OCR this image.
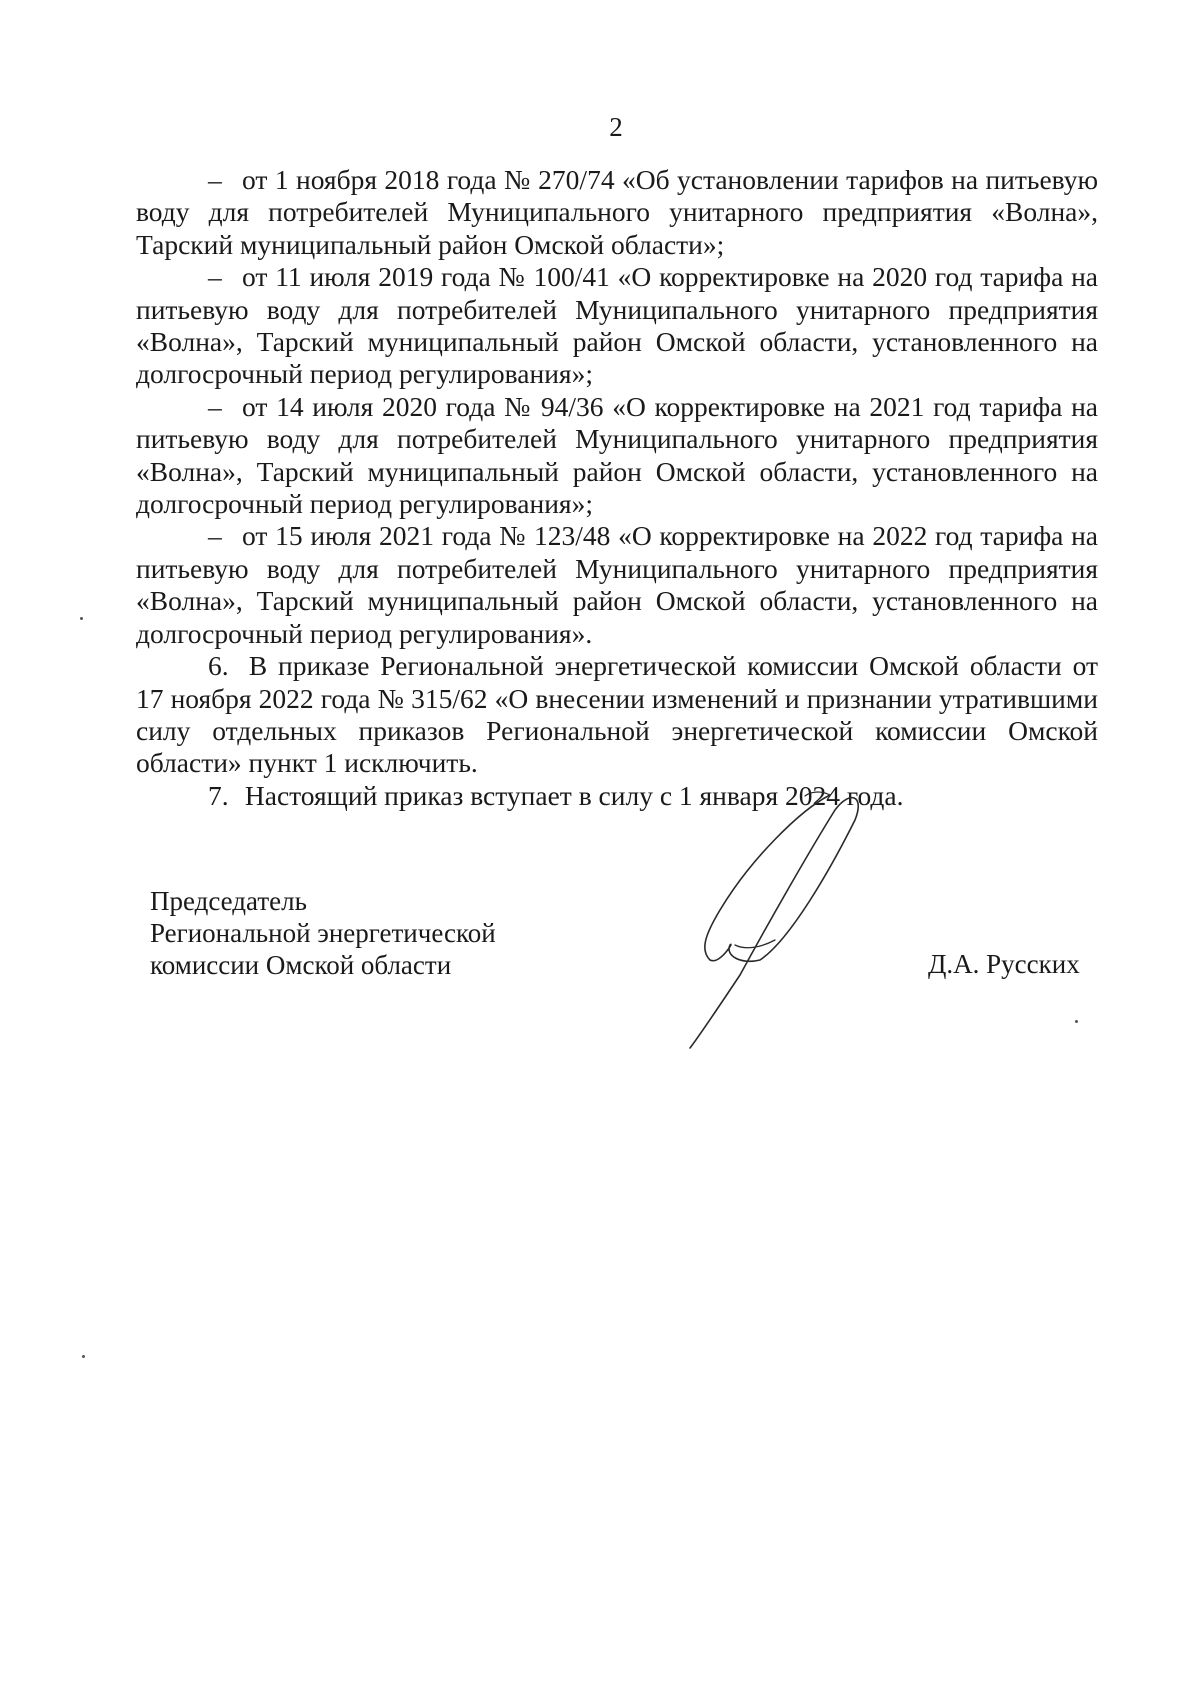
2

– от 1 ноября 2018 года № 270/74 «Об установлении тарифов на питьевую воду для потребителей Муниципального унитарного предприятия «Волна», Тарский муниципальный район Омской области»;

– от 11 июля 2019 года № 100/41 «О корректировке на 2020 год тарифа на питьевую воду для потребителей Муниципального унитарного предприятия «Волна», Тарский муниципальный район Омской области, установленного на долгосрочный период регулирования»;

– от 14 июля 2020 года № 94/36 «О корректировке на 2021 год тарифа на питьевую воду для потребителей Муниципального унитарного предприятия «Волна», Тарский муниципальный район Омской области, установленного на долгосрочный период регулирования»;

– от 15 июля 2021 года № 123/48 «О корректировке на 2022 год тарифа на питьевую воду для потребителей Муниципального унитарного предприятия «Волна», Тарский муниципальный район Омской области, установленного на долгосрочный период регулирования».

6. В приказе Региональной энергетической комиссии Омской области от 17 ноября 2022 года № 315/62 «О внесении изменений и признании утратившими силу отдельных приказов Региональной энергетической комиссии Омской области» пункт 1 исключить.

7. Настоящий приказ вступает в силу с 1 января 2024 года.

Председатель
Региональной энергетической
комиссии Омской области	Д.А. Русских
